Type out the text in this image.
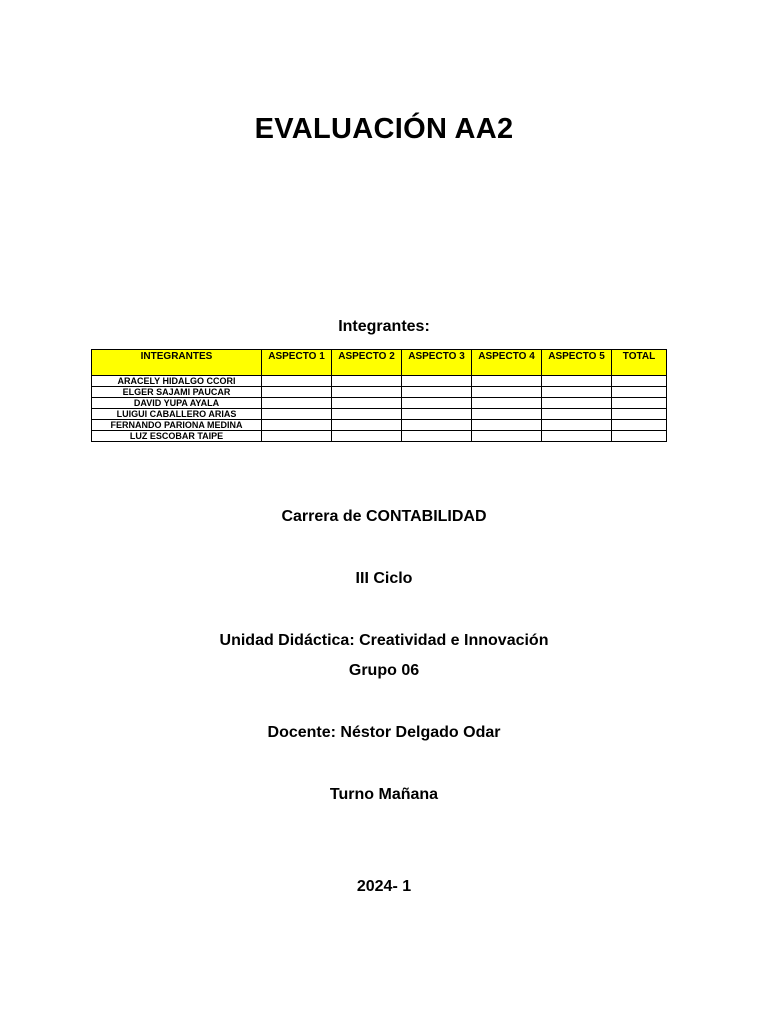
EVALUACIÓN AA2
Integrantes:
INTEGRANTES	ASPECTO 1	ASPECTO 2	ASPECTO 3	ASPECTO 4	ASPECTO 5	TOTAL
ARACELY HIDALGO CCORI						
ELGER SAJAMI PAUCAR						
DAVID YUPA AYALA						
LUIGUI CABALLERO ARIAS						
FERNANDO PARIONA MEDINA						
LUZ ESCOBAR TAIPE						
Carrera de CONTABILIDAD
III Ciclo
Unidad Didáctica: Creatividad e Innovación
Grupo 06
Docente: Néstor Delgado Odar
Turno Mañana
2024- 1
